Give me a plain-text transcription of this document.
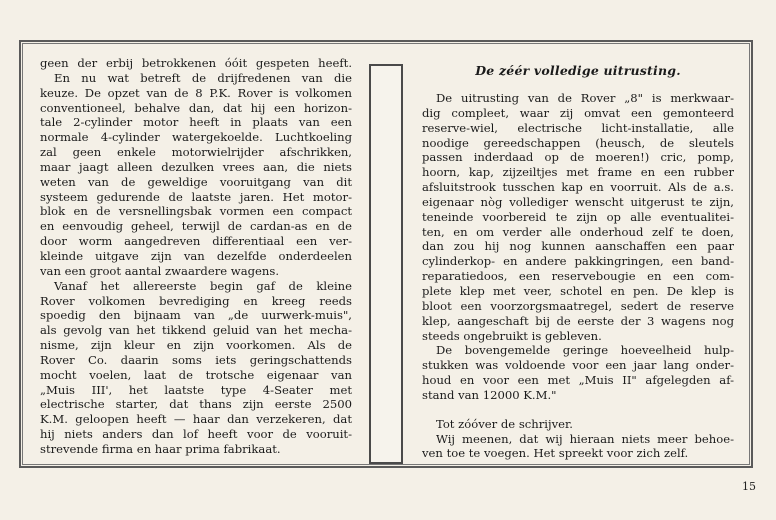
geen der erbij betrokkenen óóit gespeten heeft.
En nu wat betreft de drijfredenen van die
keuze. De opzet van de 8 P.K. Rover is volkomen
conventioneel, behalve dan, dat hij een horizon-
tale 2-cylinder motor heeft in plaats van een
normale 4-cylinder watergekoelde. Luchtkoeling
zal geen enkele motorwielrijder afschrikken,
maar jaagt alleen dezulken vrees aan, die niets
weten van de geweldige vooruitgang van dit
systeem gedurende de laatste jaren. Het motor-
blok en de versnellingsbak vormen een compact
en eenvoudig geheel, terwijl de cardan-as en de
door worm aangedreven differentiaal een ver-
kleinde uitgave zijn van dezelfde onderdeelen
van een groot aantal zwaardere wagens.
Vanaf het allereerste begin gaf de kleine
Rover volkomen bevrediging en kreeg reeds
spoedig den bijnaam van „de uurwerk-muis",
als gevolg van het tikkend geluid van het mecha-
nisme, zijn kleur en zijn voorkomen. Als de
Rover Co. daarin soms iets geringschattends
mocht voelen, laat de trotsche eigenaar van
„Muis III', het laatste type 4-Seater met
electrische starter, dat thans zijn eerste 2500
K.M. geloopen heeft — haar dan verzekeren, dat
hij niets anders dan lof heeft voor de vooruit-
strevende firma en haar prima fabrikaat.
De zéér volledige uitrusting.
De uitrusting van de Rover „8" is merkwaar-
dig compleet, waar zij omvat een gemonteerd
reserve-wiel, electrische licht-installatie, alle
noodige gereedschappen (heusch, de sleutels
passen inderdaad op de moeren!) cric, pomp,
hoorn, kap, zijzeiltjes met frame en een rubber
afsluitstrook tusschen kap en voorruit. Als de a.s.
eigenaar nòg vollediger wenscht uitgerust te zijn,
teneinde voorbereid te zijn op alle eventualitei-
ten, en om verder alle onderhoud zelf te doen,
dan zou hij nog kunnen aanschaffen een paar
cylinderkop- en andere pakkingringen, een band-
reparatiedoos, een reservebougie en een com-
plete klep met veer, schotel en pen. De klep is
bloot een voorzorgsmaatregel, sedert de reserve
klep, aangeschaft bij de eerste der 3 wagens nog
steeds ongebruikt is gebleven.
De bovengemelde geringe hoeveelheid hulp-
stukken was voldoende voor een jaar lang onder-
houd en voor een met „Muis II" afgelegden af-
stand van 12000 K.M."
Tot zóóver de schrijver.
Wij meenen, dat wij hieraan niets meer behoe-
ven toe te voegen. Het spreekt voor zich zelf.
15
